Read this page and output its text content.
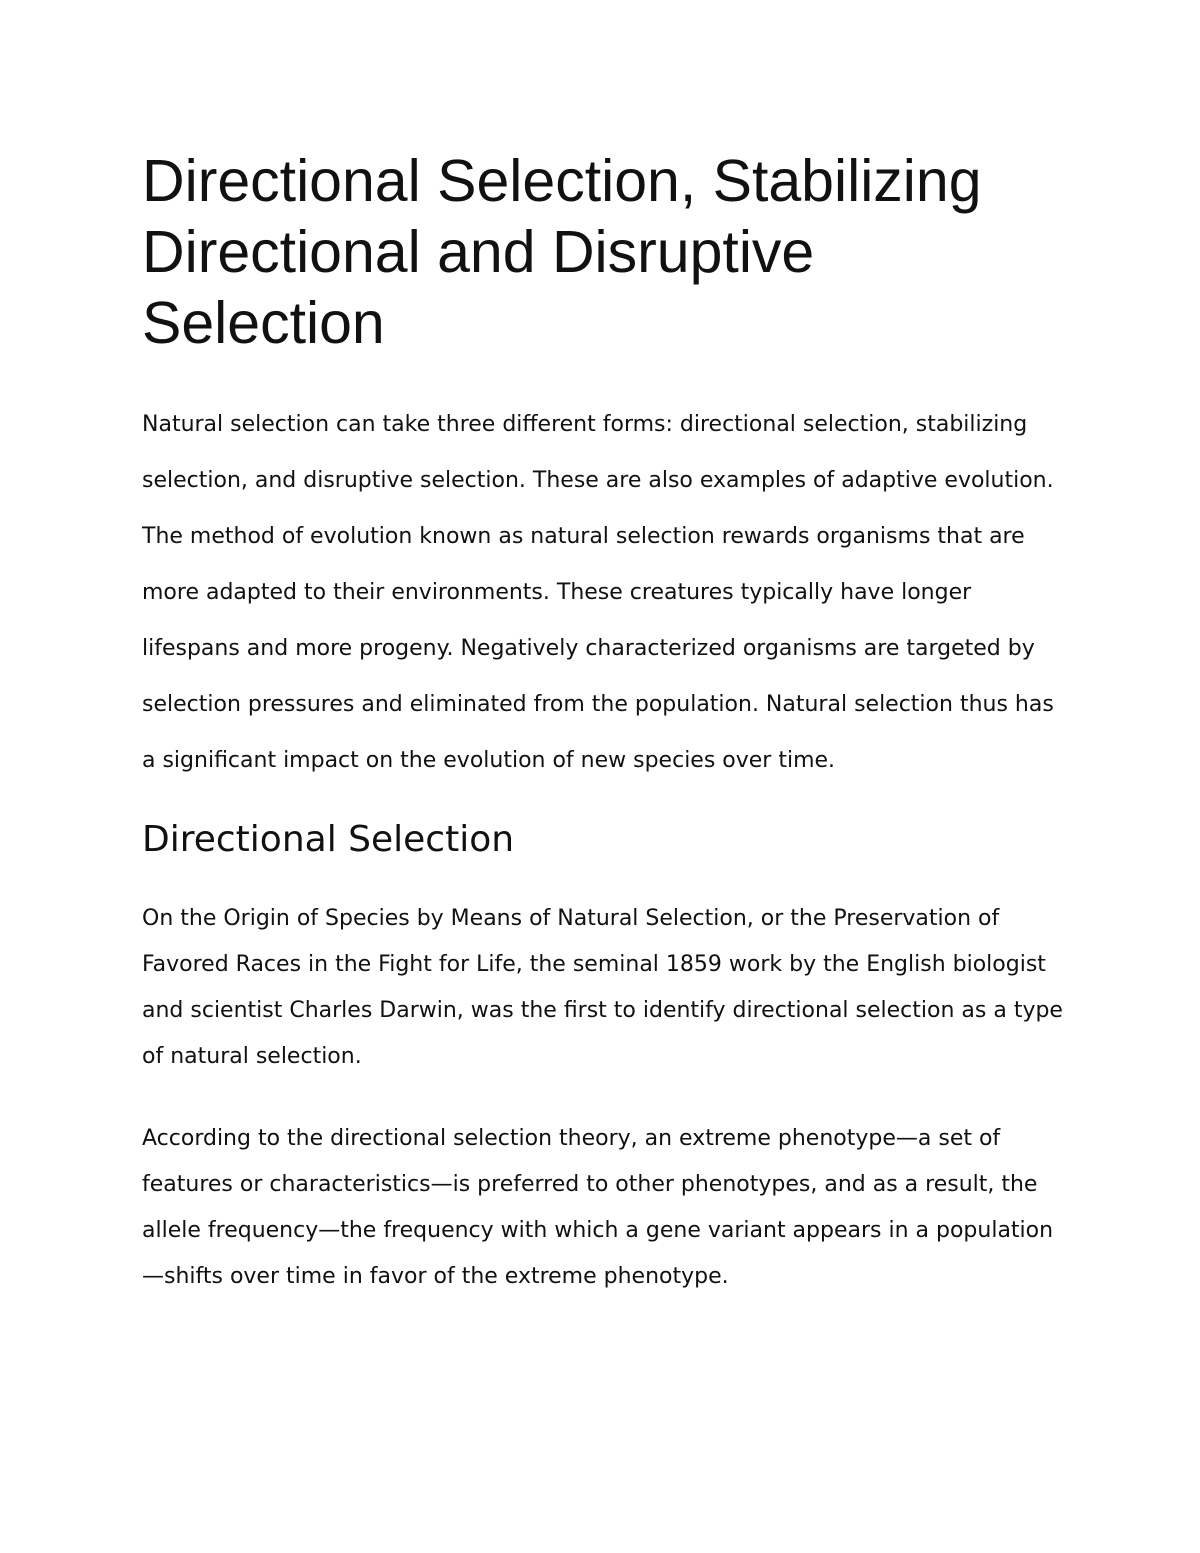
Directional Selection, Stabilizing Directional and Disruptive Selection

Natural selection can take three different forms: directional selection, stabilizing selection, and disruptive selection. These are also examples of adaptive evolution. The method of evolution known as natural selection rewards organisms that are more adapted to their environments. These creatures typically have longer lifespans and more progeny. Negatively characterized organisms are targeted by selection pressures and eliminated from the population. Natural selection thus has a significant impact on the evolution of new species over time.

Directional Selection

On the Origin of Species by Means of Natural Selection, or the Preservation of Favored Races in the Fight for Life, the seminal 1859 work by the English biologist and scientist Charles Darwin, was the first to identify directional selection as a type of natural selection.

According to the directional selection theory, an extreme phenotype—a set of features or characteristics—is preferred to other phenotypes, and as a result, the allele frequency—the frequency with which a gene variant appears in a population—shifts over time in favor of the extreme phenotype.
